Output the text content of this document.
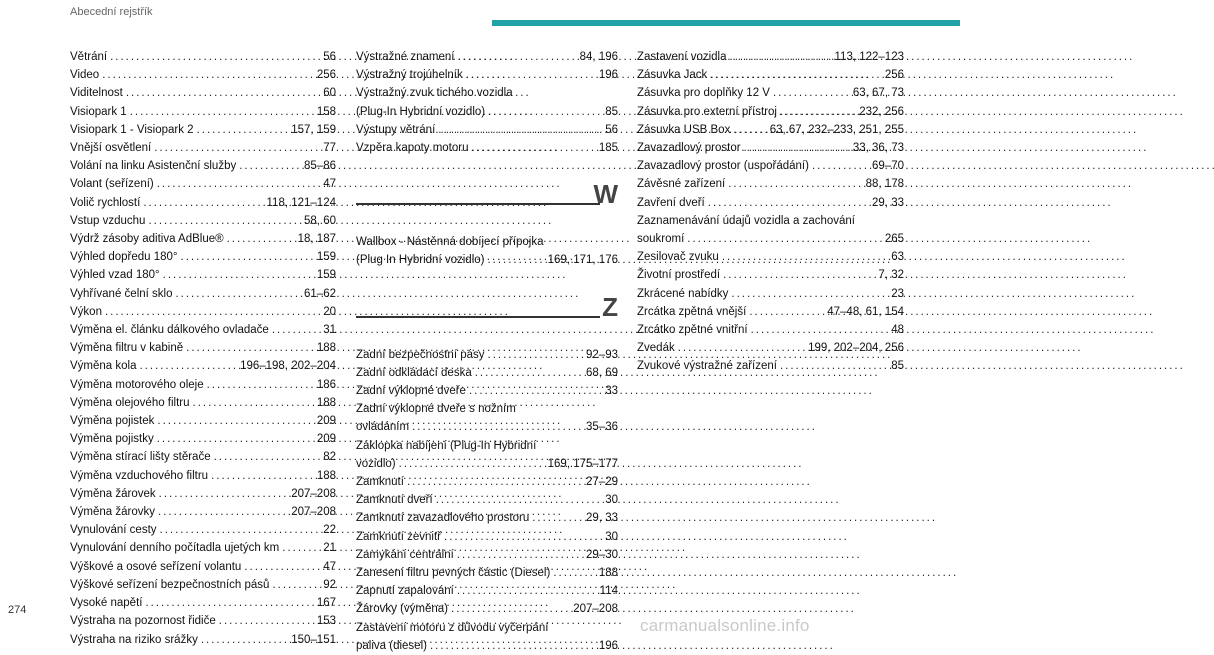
Abecední rejstřík
Větrání . . .	56
Video . . .	256
Viditelnost . . .	60
Visiopark 1 . . .	158
Visiopark 1 - Visiopark 2 . . .	157, 159
Vnější osvětlení . . .	77
Volání na linku Asistenční služby . . .	85–86
Volant (seřízení) . . .	47
Volič rychlostí . . .	118, 121–124
Vstup vzduchu . . .	58, 60
Výdrž zásoby aditiva AdBlue® . . .	18, 187
Výhled dopředu 180° . . .	159
Výhled vzad 180° . . .	159
Vyhřívané čelní sklo . . .	61–62
Výkon . . .	20
Výměna el. článku dálkového ovladače . . .	31
Výměna filtru v kabině . . .	188
Výměna kola . . .	196–198, 202–204
Výměna motorového oleje . . .	186
Výměna olejového filtru . . .	188
Výměna pojistek . . .	209
Výměna pojistky . . .	209
Výměna stírací lišty stěrače . . .	82
Výměna vzduchového filtru . . .	188
Výměna žárovek . . .	207–208
Výměna žárovky . . .	207–208
Vynulování cesty . . .	22
Vynulování denního počítadla ujetých km . . .	21
Výškové a osové seřízení volantu . . .	47
Výškové seřízení bezpečnostních pásů . . .	92
Vysoké napětí . . .	167
Výstraha na pozornost řidiče . . .	153
Výstraha na riziko srážky . . .	150–151
Výstražné znamení . . .	84, 196
Výstražný trojúhelník . . .	196
Výstražný zvuk tichého vozidla
(Plug-In Hybridní vozidlo) . . .	85
Výstupy větrání . . .	56
Vzpěra kapoty motoru . . .	185
W
Wallbox - Nástěnná dobíjecí přípojka
(Plug In Hybridní vozidlo) . . .	169, 171, 176
Z
Zadní bezpečnostní pásy . . .	92–93
Zadní odkládací deska . . .	68, 69
Zadní výklopné dveře . . .	33
Zadní výklopné dveře s nožním
ovládáním . . .	35–36
Záklopka nabíjení (Plug-In Hybridní
vozidlo) . . .	169, 175–177
Zamknutí . . .	27–29
Zamknutí dveří . . .	30
Zamknutí zavazadlového prostoru . . .	29, 33
Zamknutí zevnitř . . .	30
Zamykání centrální . . .	29–30
Zanesení filtru pevných částic (Diesel) . . .	188
Zapnutí zapalování . . .	114
Žárovky (výměna) . . .	207–208
Zastavení motoru z důvodu vyčerpání
paliva (diesel) . . .	196
Zastavení vozidla . . .	113, 122–123
Zásuvka Jack . . .	256
Zásuvka pro doplňky 12 V . . .	63, 67, 73
Zásuvka pro externí přístroj . . .	232, 256
Zásuvka USB Box . . .	63, 67, 232–233, 251, 255
Zavazadlový prostor . . .	33, 36, 73
Zavazadlový prostor (uspořádání) . . .	69–70
Závěsné zařízení . . .	88, 178
Zavření dveří . . .	29, 33
Zaznamenávání údajů vozidla a zachování
soukromí . . .	265
Zesilovač zvuku . . .	63
Životní prostředí . . .	7, 32
Zkrácené nabídky . . .	23
Zrcátka zpětná vnější . . .	47–48, 61, 154
Zrcátko zpětné vnitřní . . .	48
Zvedák . . .	199, 202–204, 256
Zvukové výstražné zařízení . . .	85
274
carmanualsonline.info
